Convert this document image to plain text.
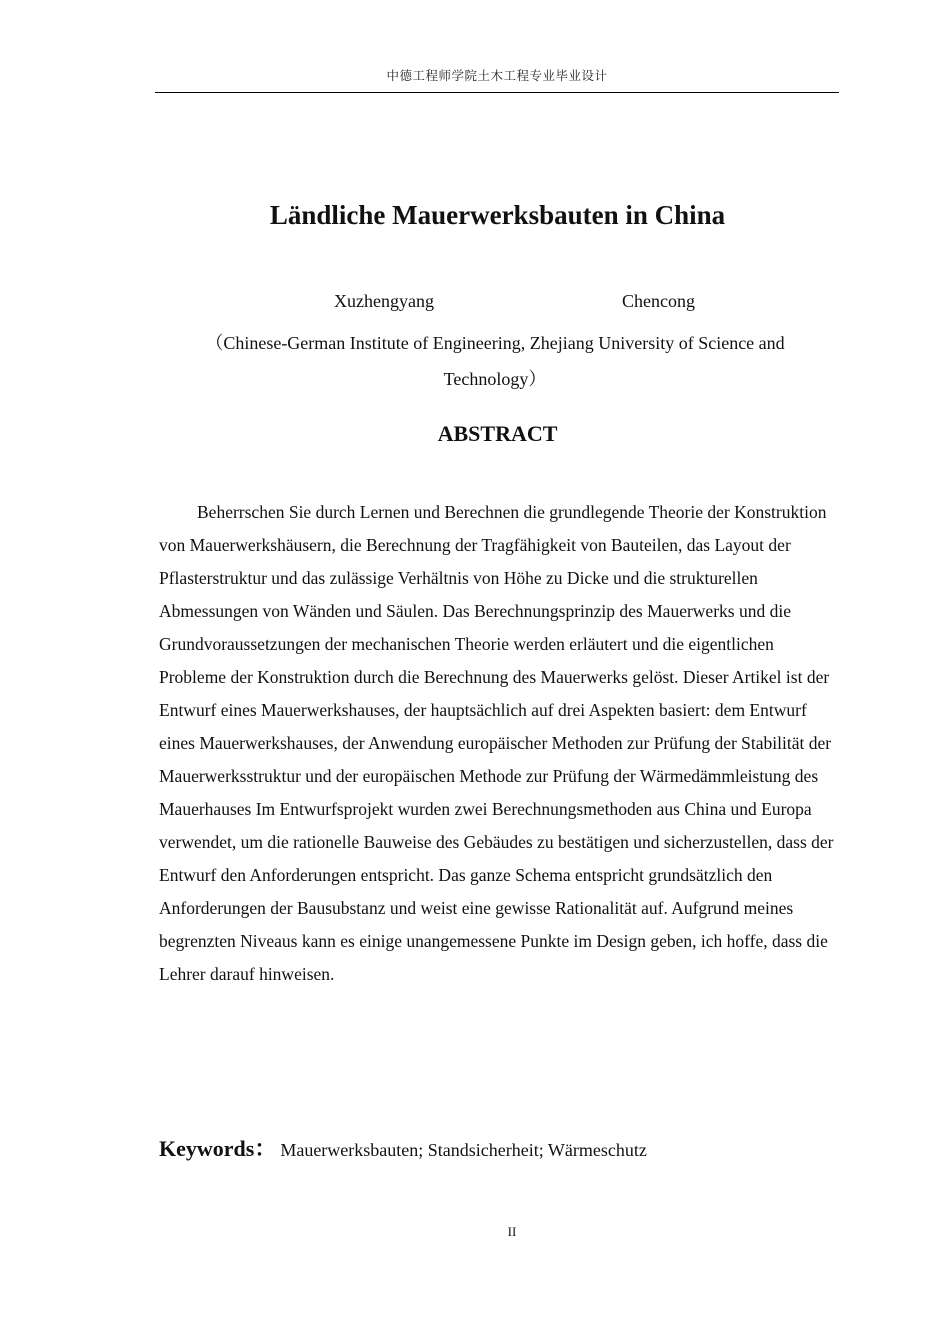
中德工程师学院土木工程专业毕业设计
Ländliche Mauerwerksbauten in China
Xuzhengyang	Chencong
（Chinese-German Institute of Engineering, Zhejiang University of Science and Technology）
ABSTRACT

Beherrschen Sie durch Lernen und Berechnen die grundlegende Theorie der Konstruktion von Mauerwerkshäusern, die Berechnung der Tragfähigkeit von Bauteilen, das Layout der Pflasterstruktur und das zulässige Verhältnis von Höhe zu Dicke und die strukturellen Abmessungen von Wänden und Säulen. Das Berechnungsprinzip des Mauerwerks und die Grundvoraussetzungen der mechanischen Theorie werden erläutert und die eigentlichen Probleme der Konstruktion durch die Berechnung des Mauerwerks gelöst. Dieser Artikel ist der Entwurf eines Mauerwerkshauses, der hauptsächlich auf drei Aspekten basiert: dem Entwurf eines Mauerwerkshauses, der Anwendung europäischer Methoden zur Prüfung der Stabilität der Mauerwerksstruktur und der europäischen Methode zur Prüfung der Wärmedämmleistung des Mauerhauses Im Entwurfsprojekt wurden zwei Berechnungsmethoden aus China und Europa verwendet, um die rationelle Bauweise des Gebäudes zu bestätigen und sicherzustellen, dass der Entwurf den Anforderungen entspricht. Das ganze Schema entspricht grundsätzlich den Anforderungen der Bausubstanz und weist eine gewisse Rationalität auf. Aufgrund meines begrenzten Niveaus kann es einige unangemessene Punkte im Design geben, ich hoffe, dass die Lehrer darauf hinweisen.

Keywords： Mauerwerksbauten; Standsicherheit; Wärmeschutz
II
